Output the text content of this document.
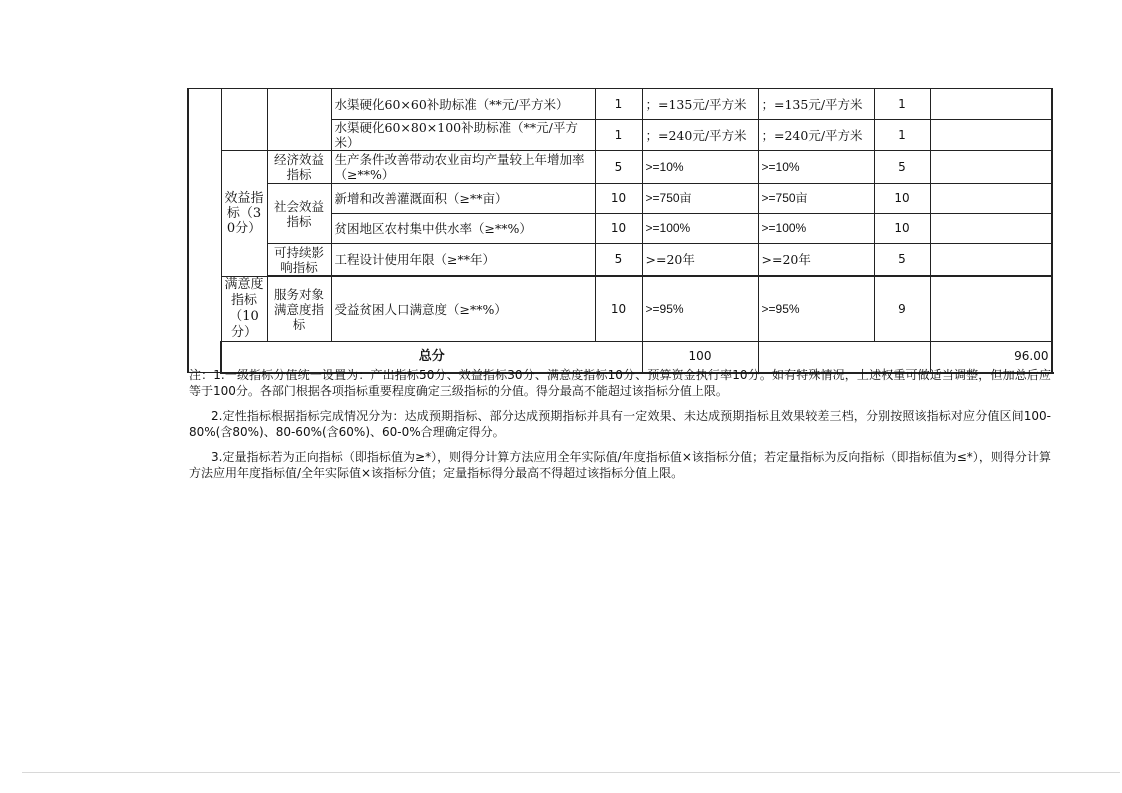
			水渠硬化60×60补助标准（**元/平方米）	1	；=135元/平方米	；=135元/平方米	1		
			水渠硬化60×80×100补助标准（**元/平方米）	1	；=240元/平方米	；=240元/平方米	1		
	效益指标（30分）	经济效益指标	生产条件改善带动农业亩均产量较上年增加率（≥**%）	5	>=10%	>=10%	5		
		社会效益指标	新增和改善灌溉面积（≥**亩）	10	>=750亩	>=750亩	10		
			贫困地区农村集中供水率（≥**%）	10	>=100%	>=100%	10		
		可持续影响指标	工程设计使用年限（≥**年）	5	>=20年	>=20年	5		

	满意度指标（10分）	服务对象满意度指标	受益贫困人口满意度（≥**%）	10	>=95%	>=95%	9		
	总分				100			96.00	

注：1.一级指标分值统一设置为：产出指标50分、效益指标30分、满意度指标10分、预算资金执行率10分。如有特殊情况，上述权重可做适当调整，但加总后应等于100分。各部门根据各项指标重要程度确定三级指标的分值。得分最高不能超过该指标分值上限。

2.定性指标根据指标完成情况分为：达成预期指标、部分达成预期指标并具有一定效果、未达成预期指标且效果较差三档，分别按照该指标对应分值区间100-80%(含80%)、80-60%(含60%)、60-0%合理确定得分。

3.定量指标若为正向指标（即指标值为≥*），则得分计算方法应用全年实际值/年度指标值×该指标分值；若定量指标为反向指标（即指标值为≤*），则得分计算方法应用年度指标值/全年实际值×该指标分值；定量指标得分最高不得超过该指标分值上限。
